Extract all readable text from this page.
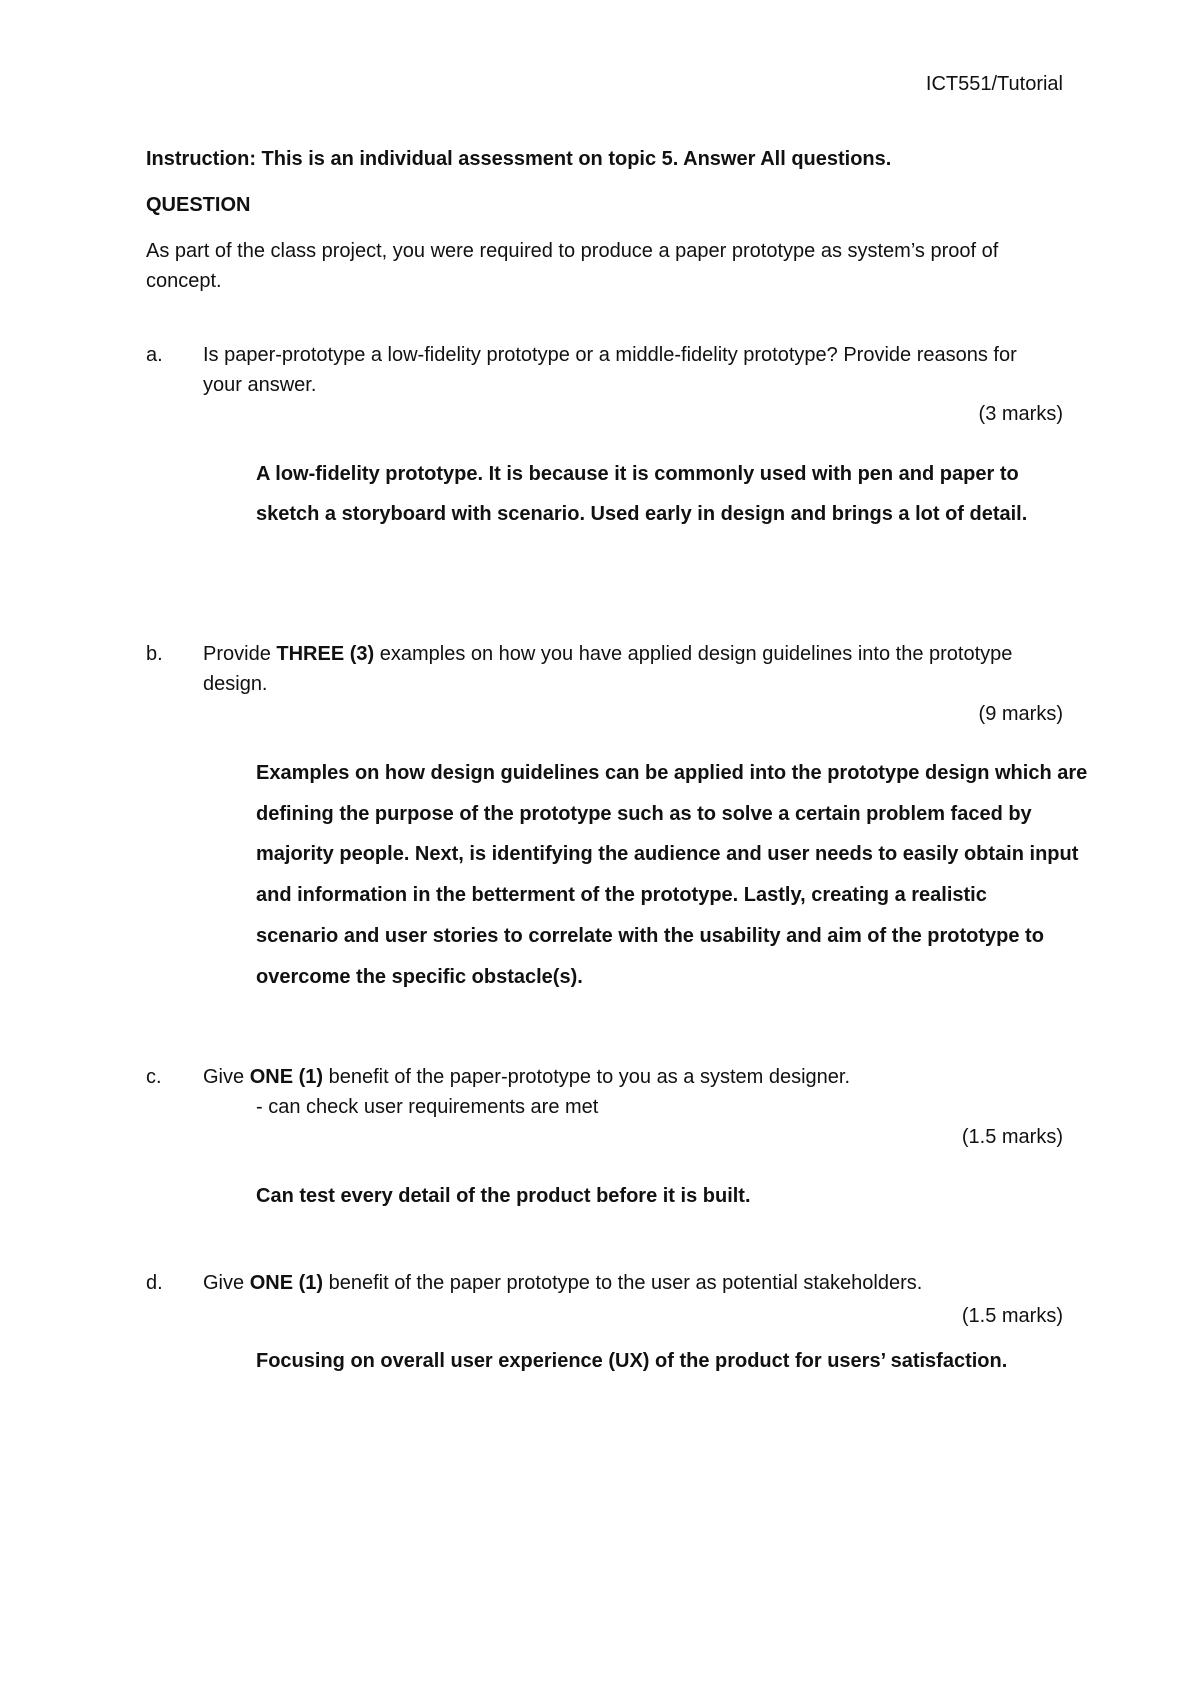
ICT551/Tutorial
Instruction: This is an individual assessment on topic 5. Answer All questions.
QUESTION
As part of the class project, you were required to produce a paper prototype as system’s proof of
concept.
a. Is paper-prototype a low-fidelity prototype or a middle-fidelity prototype? Provide reasons for
your answer.
(3 marks)
A low-fidelity prototype. It is because it is commonly used with pen and paper to
sketch a storyboard with scenario. Used early in design and brings a lot of detail.
b. Provide THREE (3) examples on how you have applied design guidelines into the prototype
design.
(9 marks)
Examples on how design guidelines can be applied into the prototype design which are
defining the purpose of the prototype such as to solve a certain problem faced by
majority people. Next, is identifying the audience and user needs to easily obtain input
and information in the betterment of the prototype. Lastly, creating a realistic
scenario and user stories to correlate with the usability and aim of the prototype to
overcome the specific obstacle(s).
c. Give ONE (1) benefit of the paper-prototype to you as a system designer.
- can check user requirements are met
(1.5 marks)
Can test every detail of the product before it is built.
d. Give ONE (1) benefit of the paper prototype to the user as potential stakeholders.
(1.5 marks)
Focusing on overall user experience (UX) of the product for users’ satisfaction.
